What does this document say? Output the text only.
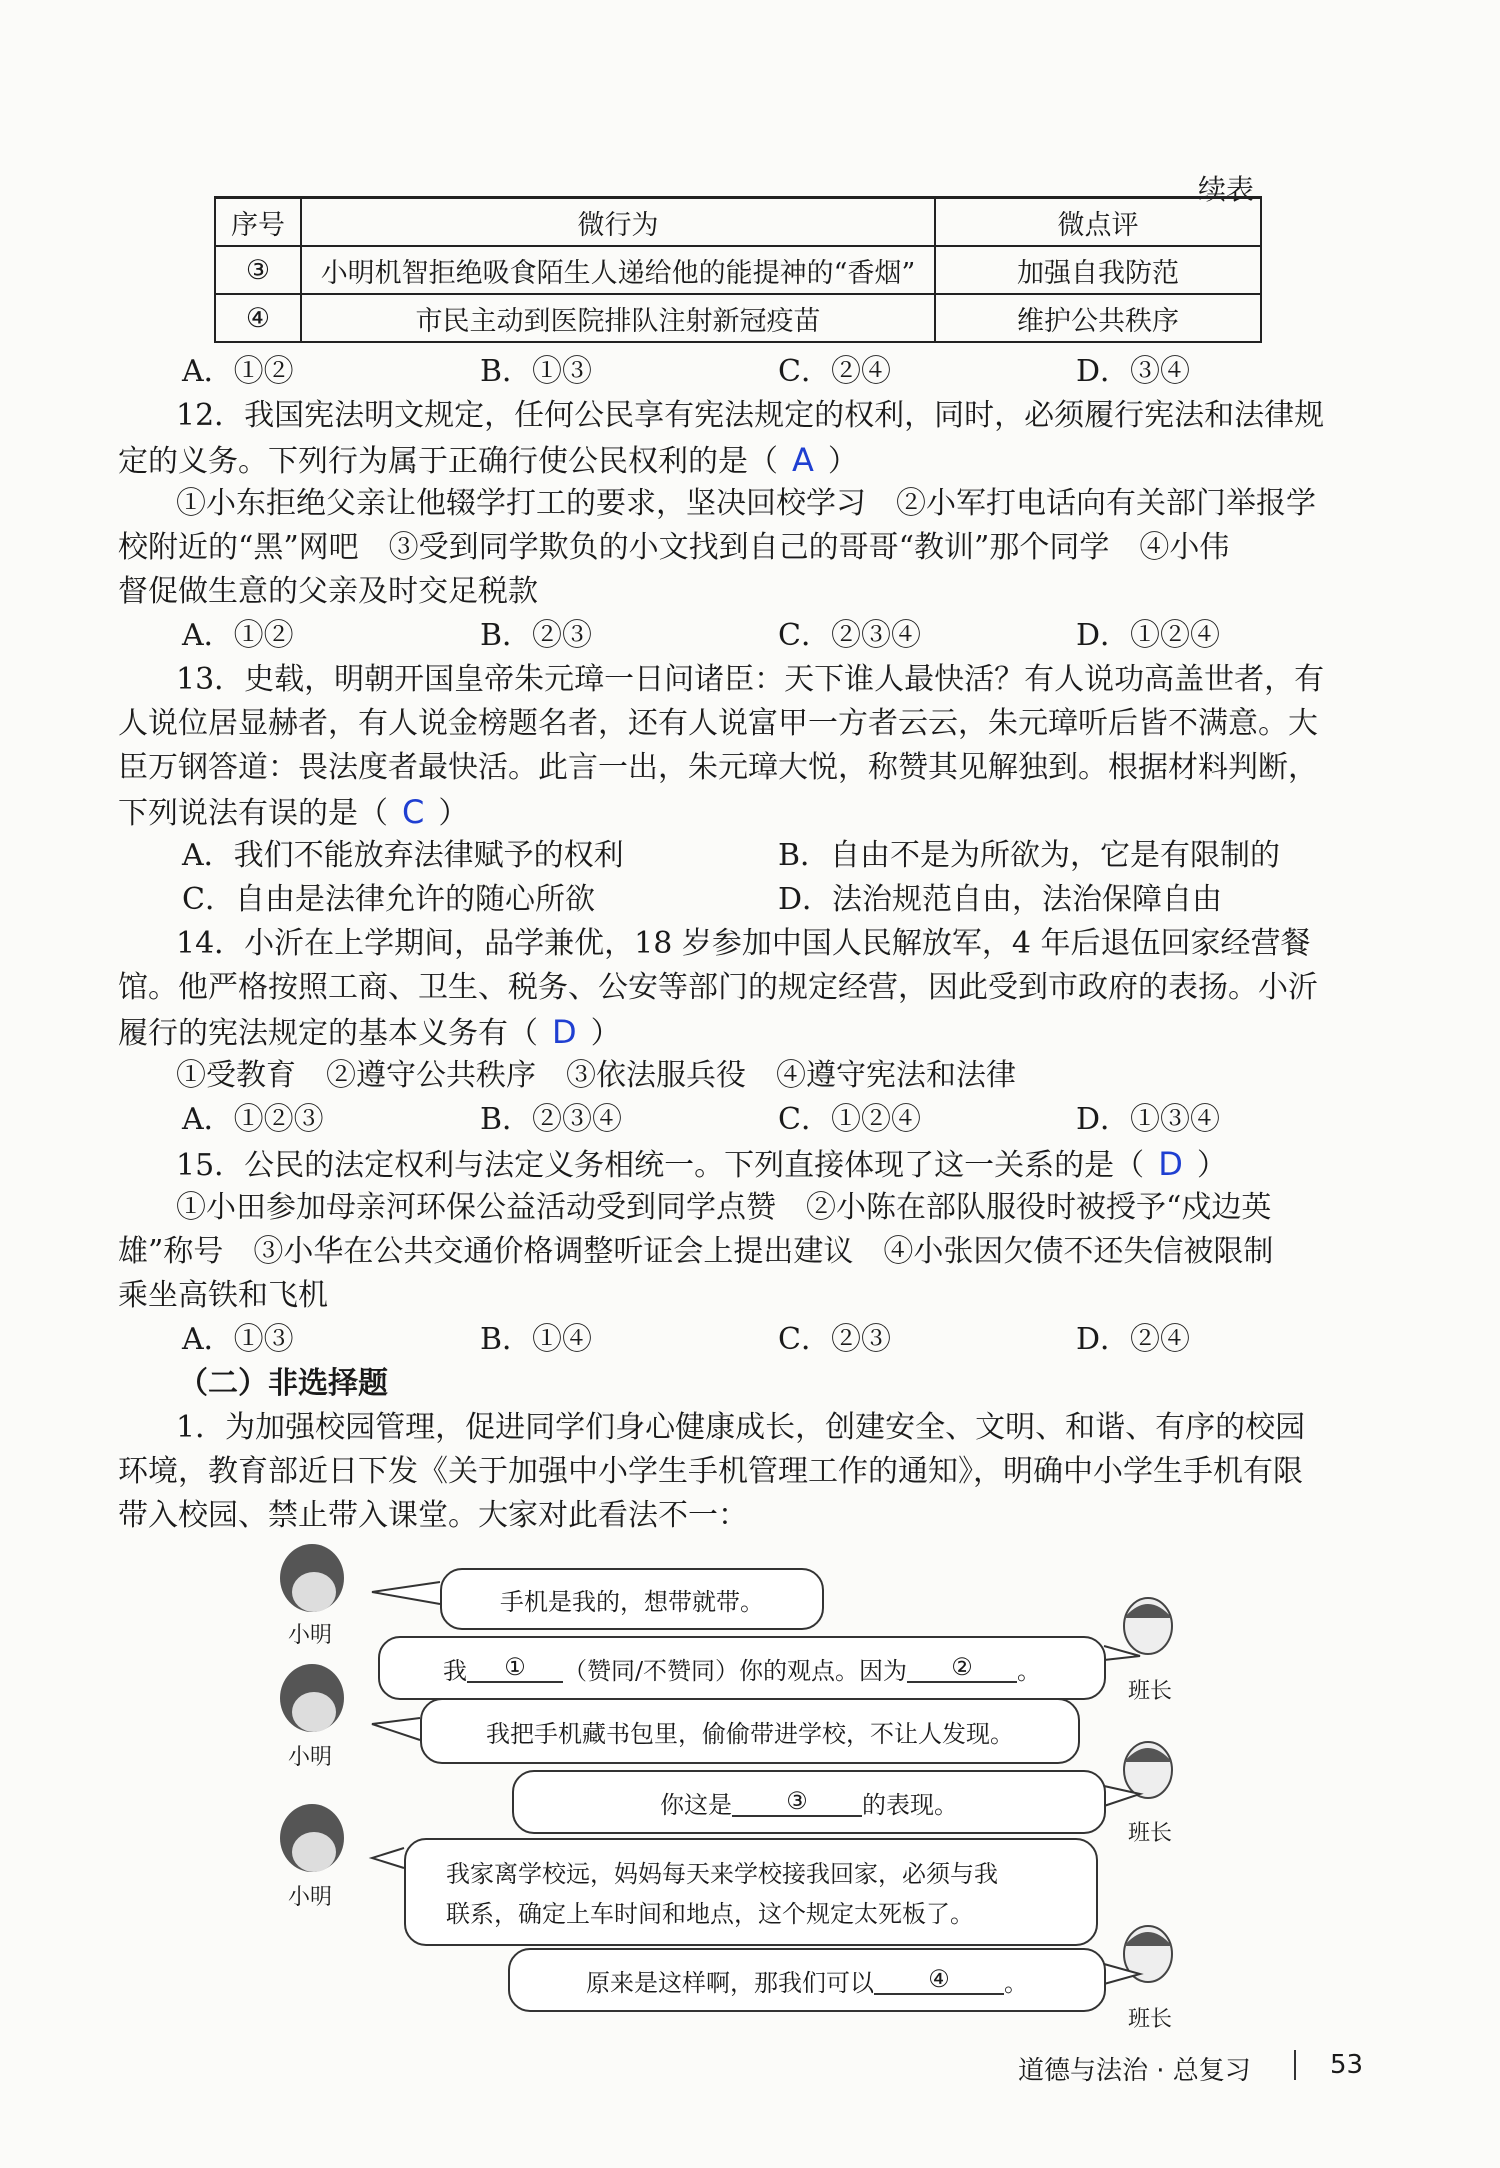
续表
序号	微行为	微点评
③	小明机智拒绝吸食陌生人递给他的能提神的“香烟”	加强自我防范
④	市民主动到医院排队注射新冠疫苗	维护公共秩序
A．①②	B．①③	C．②④	D．③④
12．我国宪法明文规定，任何公民享有宪法规定的权利，同时，必须履行宪法和法律规
定的义务。下列行为属于正确行使公民权利的是（ A ）
①小东拒绝父亲让他辍学打工的要求，坚决回校学习　②小军打电话向有关部门举报学
校附近的“黑”网吧　③受到同学欺负的小文找到自己的哥哥“教训”那个同学　④小伟
督促做生意的父亲及时交足税款
A．①②	B．②③	C．②③④	D．①②④
13．史载，明朝开国皇帝朱元璋一日问诸臣：天下谁人最快活？有人说功高盖世者，有
人说位居显赫者，有人说金榜题名者，还有人说富甲一方者云云，朱元璋听后皆不满意。大
臣万钢答道：畏法度者最快活。此言一出，朱元璋大悦，称赞其见解独到。根据材料判断，
下列说法有误的是（ C ）
A．我们不能放弃法律赋予的权利	B．自由不是为所欲为，它是有限制的
C．自由是法律允许的随心所欲	D．法治规范自由，法治保障自由
14．小沂在上学期间，品学兼优，18 岁参加中国人民解放军，4 年后退伍回家经营餐
馆。他严格按照工商、卫生、税务、公安等部门的规定经营，因此受到市政府的表扬。小沂
履行的宪法规定的基本义务有（ D ）
①受教育　②遵守公共秩序　③依法服兵役　④遵守宪法和法律
A．①②③	B．②③④	C．①②④	D．①③④
15．公民的法定权利与法定义务相统一。下列直接体现了这一关系的是（ D ）
①小田参加母亲河环保公益活动受到同学点赞　②小陈在部队服役时被授予“戍边英
雄”称号　③小华在公共交通价格调整听证会上提出建议　④小张因欠债不还失信被限制
乘坐高铁和飞机
A．①③	B．①④	C．②③	D．②④
（二）非选择题
1．为加强校园管理，促进同学们身心健康成长，创建安全、文明、和谐、有序的校园
环境，教育部近日下发《关于加强中小学生手机管理工作的通知》，明确中小学生手机有限
带入校园、禁止带入课堂。大家对此看法不一：
小明
小明
小明
班长
班长
班长
手机是我的，想带就带。
我	①	（赞同/不赞同）你的观点。因为	②	。
我把手机藏书包里，偷偷带进学校，不让人发现。
你这是	③	的表现。
我家离学校远，妈妈每天来学校接我回家，必须与我
联系，确定上车时间和地点，这个规定太死板了。
原来是这样啊，那我们可以	④	。
道德与法治 · 总复习	53
